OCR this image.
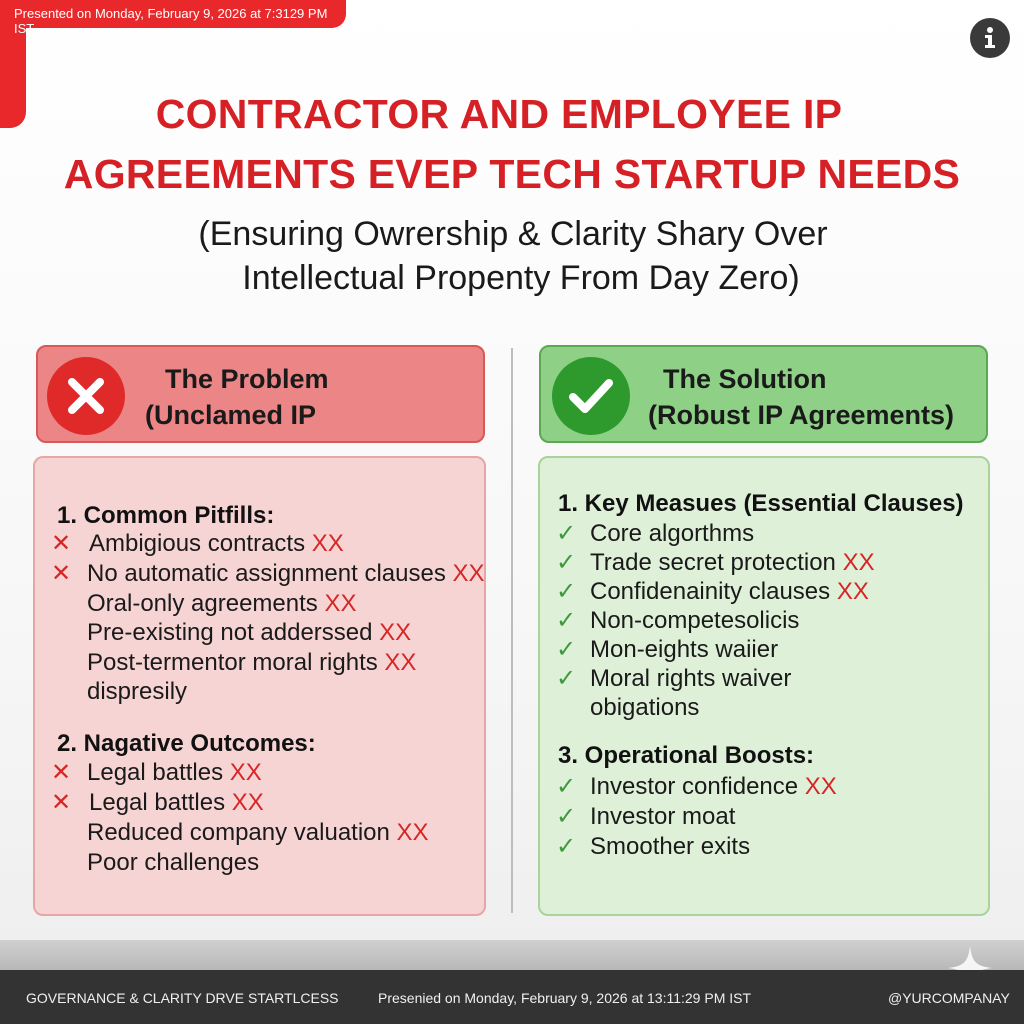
Presented on Monday, February 9, 2026 at 7:3129 PM IST
CONTRACTOR AND EMPLOYEE IP
AGREEMENTS EVEP TECH STARTUP NEEDS
(Ensuring Owrership & Clarity Shary Over
Intellectual Propenty From Day Zero)
The Problem
(Unclamed IP
The Solution
(Robust IP Agreements)
1. Common Pitfills:
✕ Ambigious contracts XX
✕ No automatic assignment clauses XX
Oral-only agreements XX
Pre-existing not adderssed XX
Post-termentor moral rights XX
dispresily
2. Nagative Outcomes:
✕ Legal battles XX
✕ Legal battles XX
Reduced company valuation XX
Poor challenges
1. Key Measues (Essential Clauses)
✓ Core algorthms
✓ Trade secret protection XX
✓ Confidenainity clauses XX
✓ Non-competesolicis
✓ Mon-eights waiier
✓ Moral rights waiver
obigations
3. Operational Boosts:
✓ Investor confidence XX
✓ Investor moat
✓ Smoother exits
GOVERNANCE & CLARITY DRVE STARTLCESS	Presenied on Monday, February 9, 2026 at 13:11:29 PM IST	@YURCOMPANAY
